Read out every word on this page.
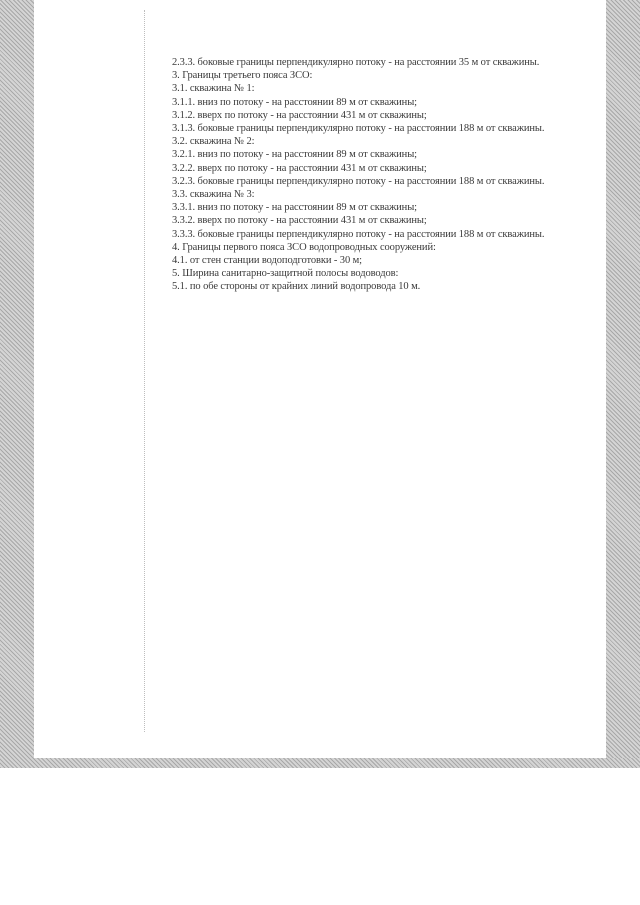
2.3.3. боковые границы перпендикулярно потоку - на расстоянии 35 м от скважины.

3. Границы третьего пояса ЗСО:

3.1. скважина № 1:

3.1.1. вниз по потоку - на расстоянии 89 м от скважины;

3.1.2. вверх по потоку - на расстоянии 431 м от скважины;

3.1.3. боковые границы перпендикулярно потоку - на расстоянии 188 м от скважины.

3.2. скважина № 2:

3.2.1. вниз по потоку - на расстоянии 89 м от скважины;

3.2.2. вверх по потоку - на расстоянии 431 м от скважины;

3.2.3. боковые границы перпендикулярно потоку - на расстоянии 188 м от скважины.

3.3. скважина № 3:

3.3.1. вниз по потоку - на расстоянии 89 м от скважины;

3.3.2. вверх по потоку - на расстоянии 431 м от скважины;

3.3.3. боковые границы перпендикулярно потоку - на расстоянии 188 м от скважины.

4. Границы первого пояса ЗСО водопроводных сооружений:

4.1. от стен станции водоподготовки - 30 м;

5. Ширина санитарно-защитной полосы водоводов:

5.1. по обе стороны от крайних линий водопровода 10 м.
